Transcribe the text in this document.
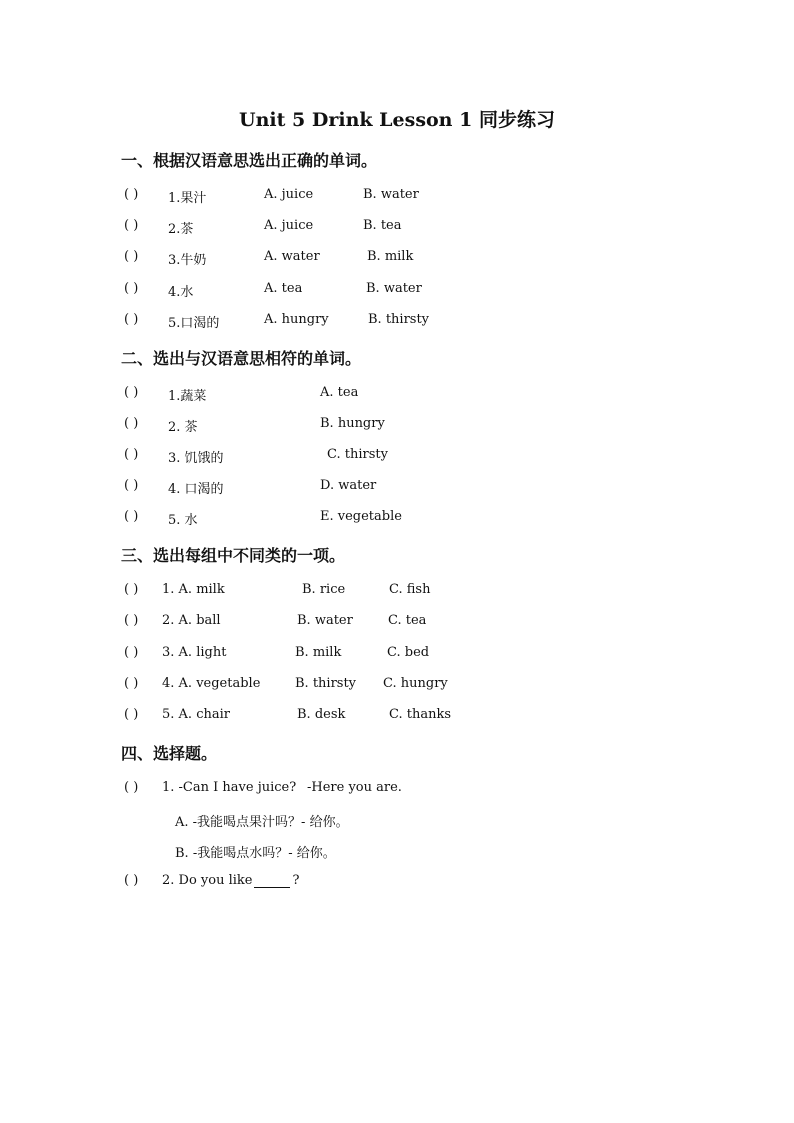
Unit 5 Drink Lesson 1 同步练习
一、根据汉语意思选出正确的单词。
( ) 1.果汁	A. juice	B. water
( ) 2.茶	A. juice	B. tea
( ) 3.牛奶	A. water	B. milk
( ) 4.水	A. tea	B. water
( ) 5.口渴的	A. hungry	B. thirsty
二、选出与汉语意思相符的单词。
( ) 1.蔬菜	A. tea
( ) 2. 茶	B. hungry
( ) 3. 饥饿的	C. thirsty
( ) 4. 口渴的	D. water
( ) 5. 水	E. vegetable
三、选出每组中不同类的一项。
( ) 1. A. milk	B. rice	C. fish
( ) 2. A. ball	B. water	C. tea
( ) 3. A. light	B. milk	C. bed
( ) 4. A. vegetable	B. thirsty C. hungry
( ) 5. A. chair	B. desk	C. thanks
四、选择题。
( ) 1. -Can I have juice? -Here you are.
A. -我能喝点果汁吗？- 给你。
B. -我能喝点水吗？- 给你。
( ) 2. Do you like	?
